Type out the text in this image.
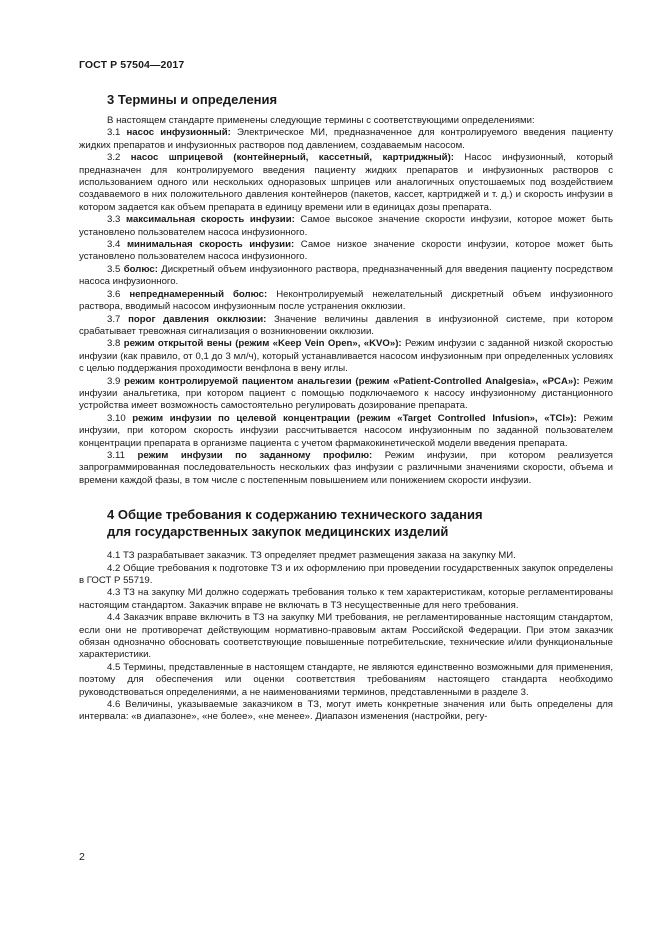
ГОСТ Р 57504—2017
3 Термины и определения

В настоящем стандарте применены следующие термины с соответствующими определениями:

3.1 насос инфузионный: Электрическое МИ, предназначенное для контролируемого введения пациенту жидких препаратов и инфузионных растворов под давлением, создаваемым насосом.

3.2 насос шприцевой (контейнерный, кассетный, картриджный): Насос инфузионный, который предназначен для контролируемого введения пациенту жидких препаратов и инфузионных растворов с использованием одного или нескольких одноразовых шприцев или аналогичных опустошаемых под воздействием создаваемого в них положительного давления контейнеров (пакетов, кассет, картриджей и т. д.) и скорость инфузии в котором задается как объем препарата в единицу времени или в единицах дозы препарата.

3.3 максимальная скорость инфузии: Самое высокое значение скорости инфузии, которое может быть установлено пользователем насоса инфузионного.

3.4 минимальная скорость инфузии: Самое низкое значение скорости инфузии, которое может быть установлено пользователем насоса инфузионного.

3.5 болюс: Дискретный объем инфузионного раствора, предназначенный для введения пациенту посредством насоса инфузионного.

3.6 непреднамеренный болюс: Неконтролируемый нежелательный дискретный объем инфузионного раствора, вводимый насосом инфузионным после устранения окклюзии.

3.7 порог давления окклюзии: Значение величины давления в инфузионной системе, при котором срабатывает тревожная сигнализация о возникновении окклюзии.

3.8 режим открытой вены (режим «Keep Vein Open», «KVO»): Режим инфузии с заданной низкой скоростью инфузии (как правило, от 0,1 до 3 мл/ч), который устанавливается насосом инфузионным при определенных условиях с целью поддержания проходимости венфлона в вену иглы.

3.9 режим контролируемой пациентом анальгезии (режим «Patient-Controlled Analgesia», «PCA»): Режим инфузии анальгетика, при котором пациент с помощью подключаемого к насосу инфузионному дистанционного устройства имеет возможность самостоятельно регулировать дозирование препарата.

3.10 режим инфузии по целевой концентрации (режим «Target Controlled Infusion», «TCI»): Режим инфузии, при котором скорость инфузии рассчитывается насосом инфузионным по заданной пользователем концентрации препарата в организме пациента с учетом фармакокинетической модели введения препарата.

3.11 режим инфузии по заданному профилю: Режим инфузии, при котором реализуется запрограммированная последовательность нескольких фаз инфузии с различными значениями скорости, объема и времени каждой фазы, в том числе с постепенным повышением или понижением скорости инфузии.

4 Общие требования к содержанию технического задания
для государственных закупок медицинских изделий

4.1 ТЗ разрабатывает заказчик. ТЗ определяет предмет размещения заказа на закупку МИ.

4.2 Общие требования к подготовке ТЗ и их оформлению при проведении государственных закупок определены в ГОСТ Р 55719.

4.3 ТЗ на закупку МИ должно содержать требования только к тем характеристикам, которые регламентированы настоящим стандартом. Заказчик вправе не включать в ТЗ несущественные для него требования.

4.4 Заказчик вправе включить в ТЗ на закупку МИ требования, не регламентированные настоящим стандартом, если они не противоречат действующим нормативно-правовым актам Российской Федерации. При этом заказчик обязан однозначно обосновать соответствующие повышенные потребительские, технические и/или функциональные характеристики.

4.5 Термины, представленные в настоящем стандарте, не являются единственно возможными для применения, поэтому для обеспечения или оценки соответствия требованиям настоящего стандарта необходимо руководствоваться определениями, а не наименованиями терминов, представленными в разделе 3.

4.6 Величины, указываемые заказчиком в ТЗ, могут иметь конкретные значения или быть определены для интервала: «в диапазоне», «не более», «не менее». Диапазон изменения (настройки, регу-

2
